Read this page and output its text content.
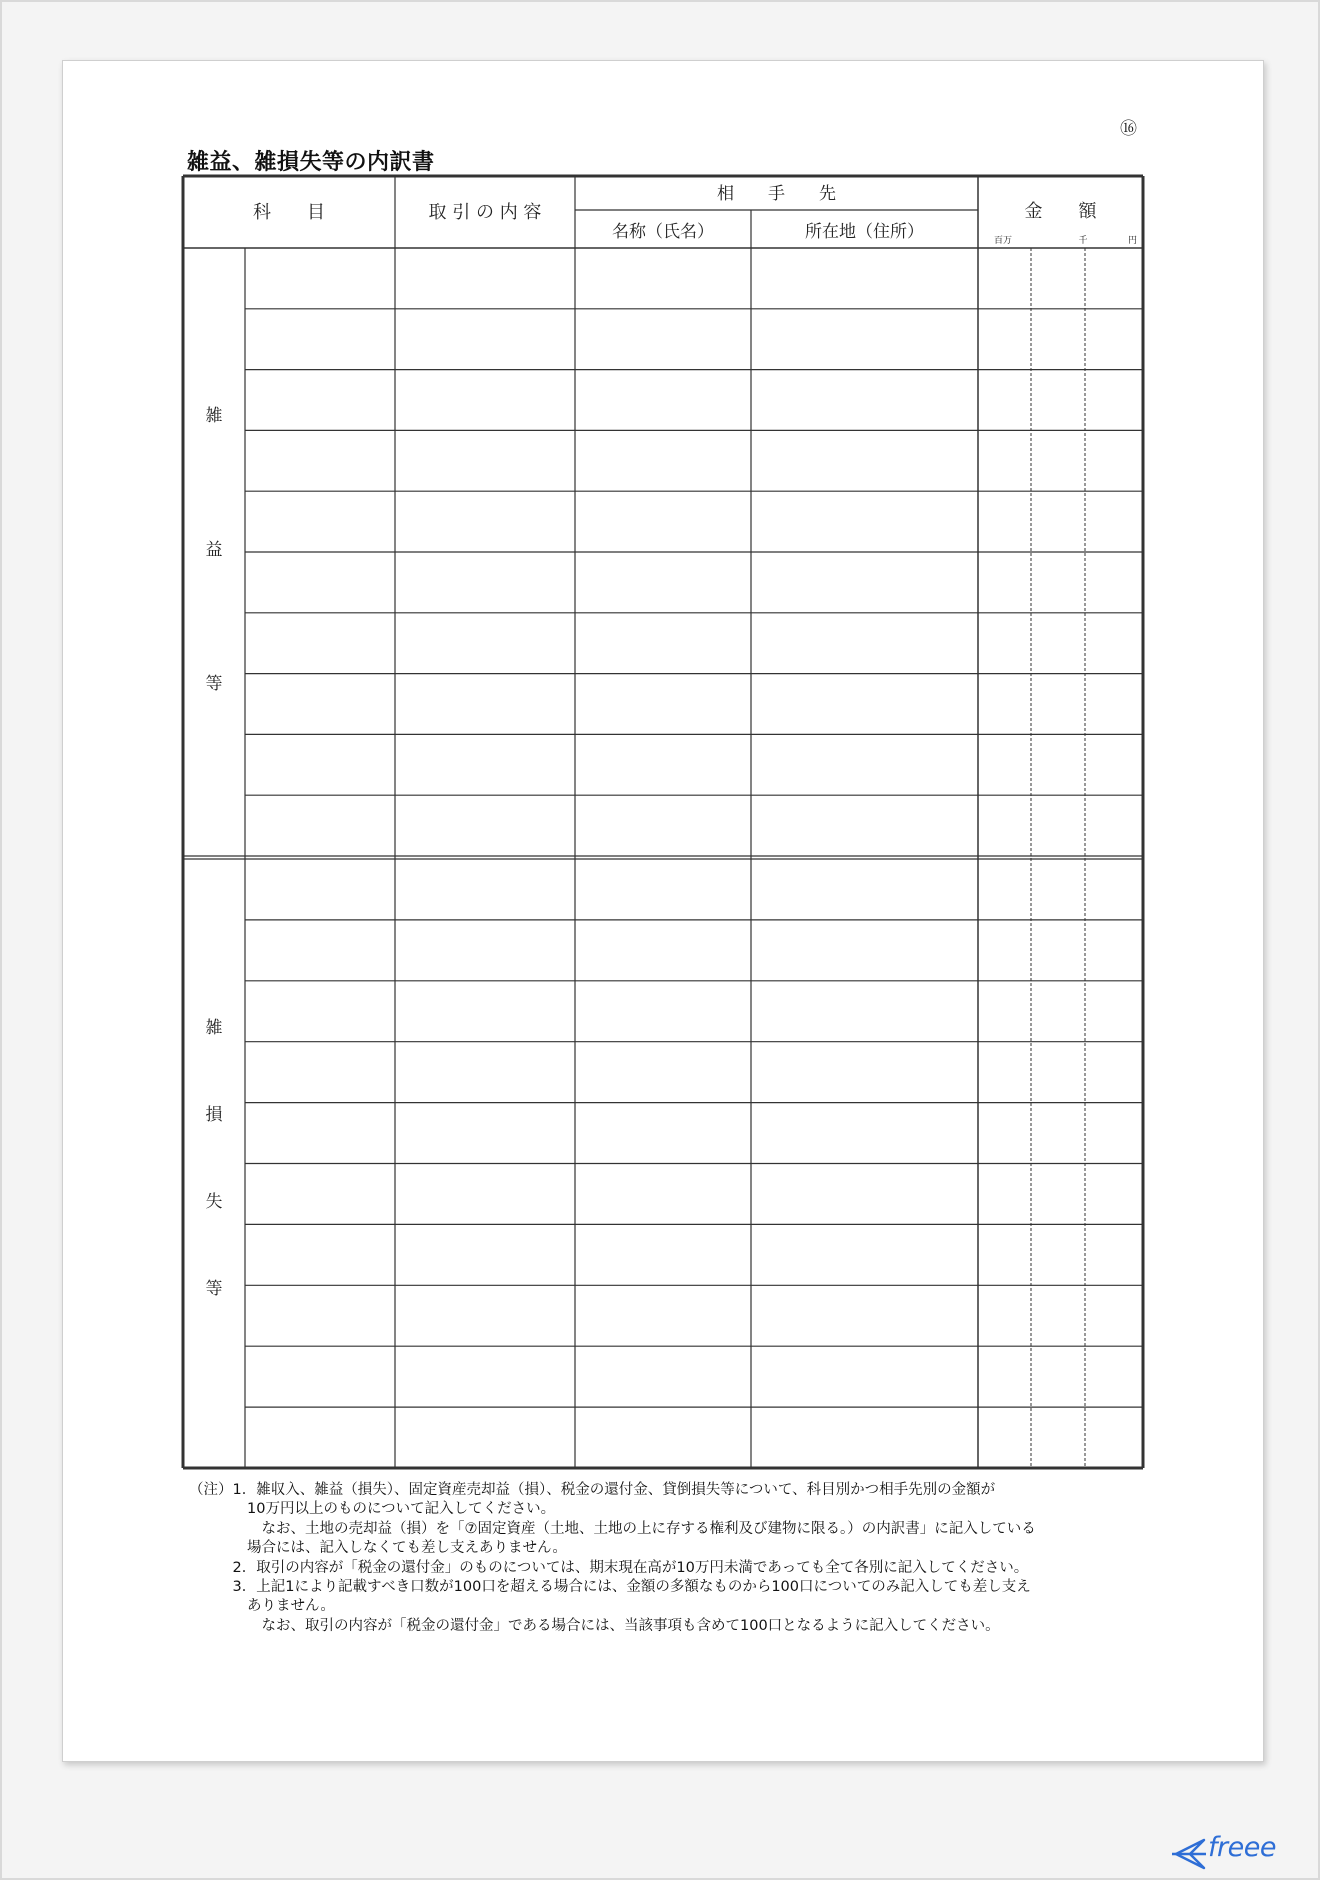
⑯
雑益、雑損失等の内訳書
科　　目	取 引 の 内 容
相　　手　　先
名称（氏名）	所在地（住所）
金　　額
百万	千	円
雑
益
等
雑
損
失
等
（注）1．雑収入、雑益（損失）、固定資産売却益（損）、税金の還付金、貸倒損失等について、科目別かつ相手先別の金額が
　　　　10万円以上のものについて記入してください。
　　　　　なお、土地の売却益（損）を「⑦固定資産（土地、土地の上に存する権利及び建物に限る。）の内訳書」に記入している
　　　　場合には、記入しなくても差し支えありません。
　　　2．取引の内容が「税金の還付金」のものについては、期末現在高が10万円未満であっても全て各別に記入してください。
　　　3．上記1により記載すべき口数が100口を超える場合には、金額の多額なものから100口についてのみ記入しても差し支え
　　　　ありません。
　　　　　なお、取引の内容が「税金の還付金」である場合には、当該事項も含めて100口となるように記入してください。
freee
